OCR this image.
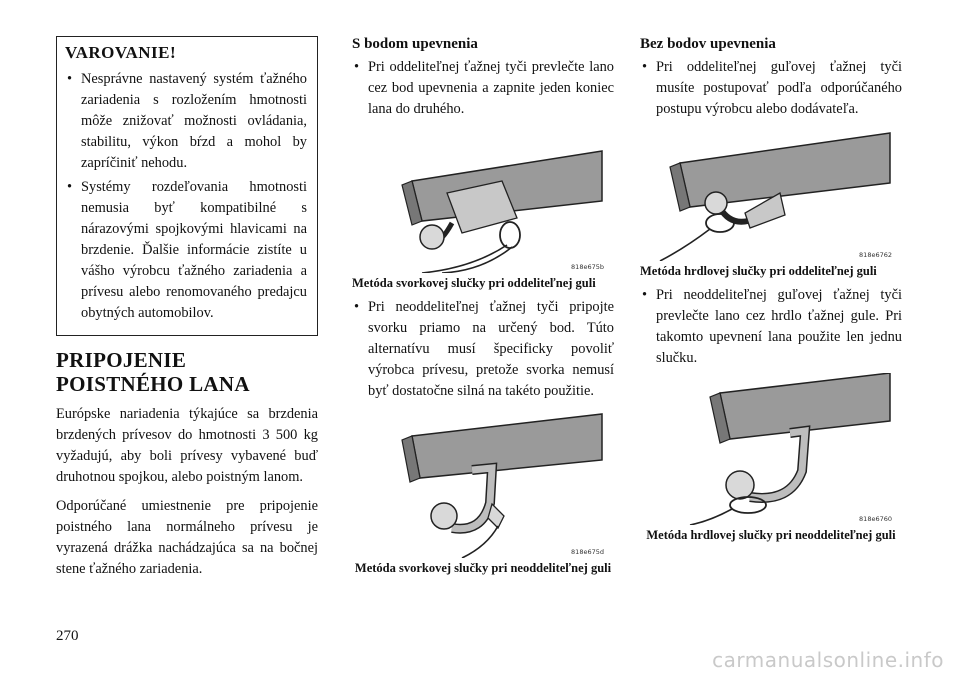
VAROVANIE!
• Nesprávne nastavený systém ťažného zariadenia s rozložením hmotnosti môže znižovať možnosti ovládania, stabilitu, výkon bŕzd a mohol by zapríčiniť nehodu.
• Systémy rozdeľovania hmotnosti nemusia byť kompatibilné s nárazovými spojkovými hlavicami na brzdenie. Ďalšie informácie zistíte u vášho výrobcu ťažného zariadenia a prívesu alebo renomovaného predajcu obytných automobilov.
PRIPOJENIE POISTNÉHO LANA

Európske nariadenia týkajúce sa brzdenia brzdených prívesov do hmotnosti 3 500 kg vyžadujú, aby boli prívesy vybavené buď druhotnou spojkou, alebo poistným lanom.

Odporúčané umiestnenie pre pripojenie poistného lana normálneho prívesu je vyrazená drážka nachádzajúca sa na bočnej stene ťažného zariadenia.

S bodom upevnenia
• Pri oddeliteľnej ťažnej tyči prevlečte lano cez bod upevnenia a zapnite jeden koniec lana do druhého.
818e675b
Metóda svorkovej slučky pri oddeliteľnej guli
• Pri neoddeliteľnej ťažnej tyči pripojte svorku priamo na určený bod. Túto alternatívu musí špecificky povoliť výrobca prívesu, pretože svorka nemusí byť dostatočne silná na takéto použitie.
818e675d
Metóda svorkovej slučky pri neoddeliteľnej guli
Bez bodov upevnenia
• Pri oddeliteľnej guľovej ťažnej tyči musíte postupovať podľa odporúčaného postupu výrobcu alebo dodávateľa.
818e6762
Metóda hrdlovej slučky pri oddeliteľnej guli
• Pri neoddeliteľnej guľovej ťažnej tyči prevlečte lano cez hrdlo ťažnej gule. Pri takomto upevnení lana použite len jednu slučku.
818e6760
Metóda hrdlovej slučky pri neoddeliteľnej guli
270
carmanualsonline.info
